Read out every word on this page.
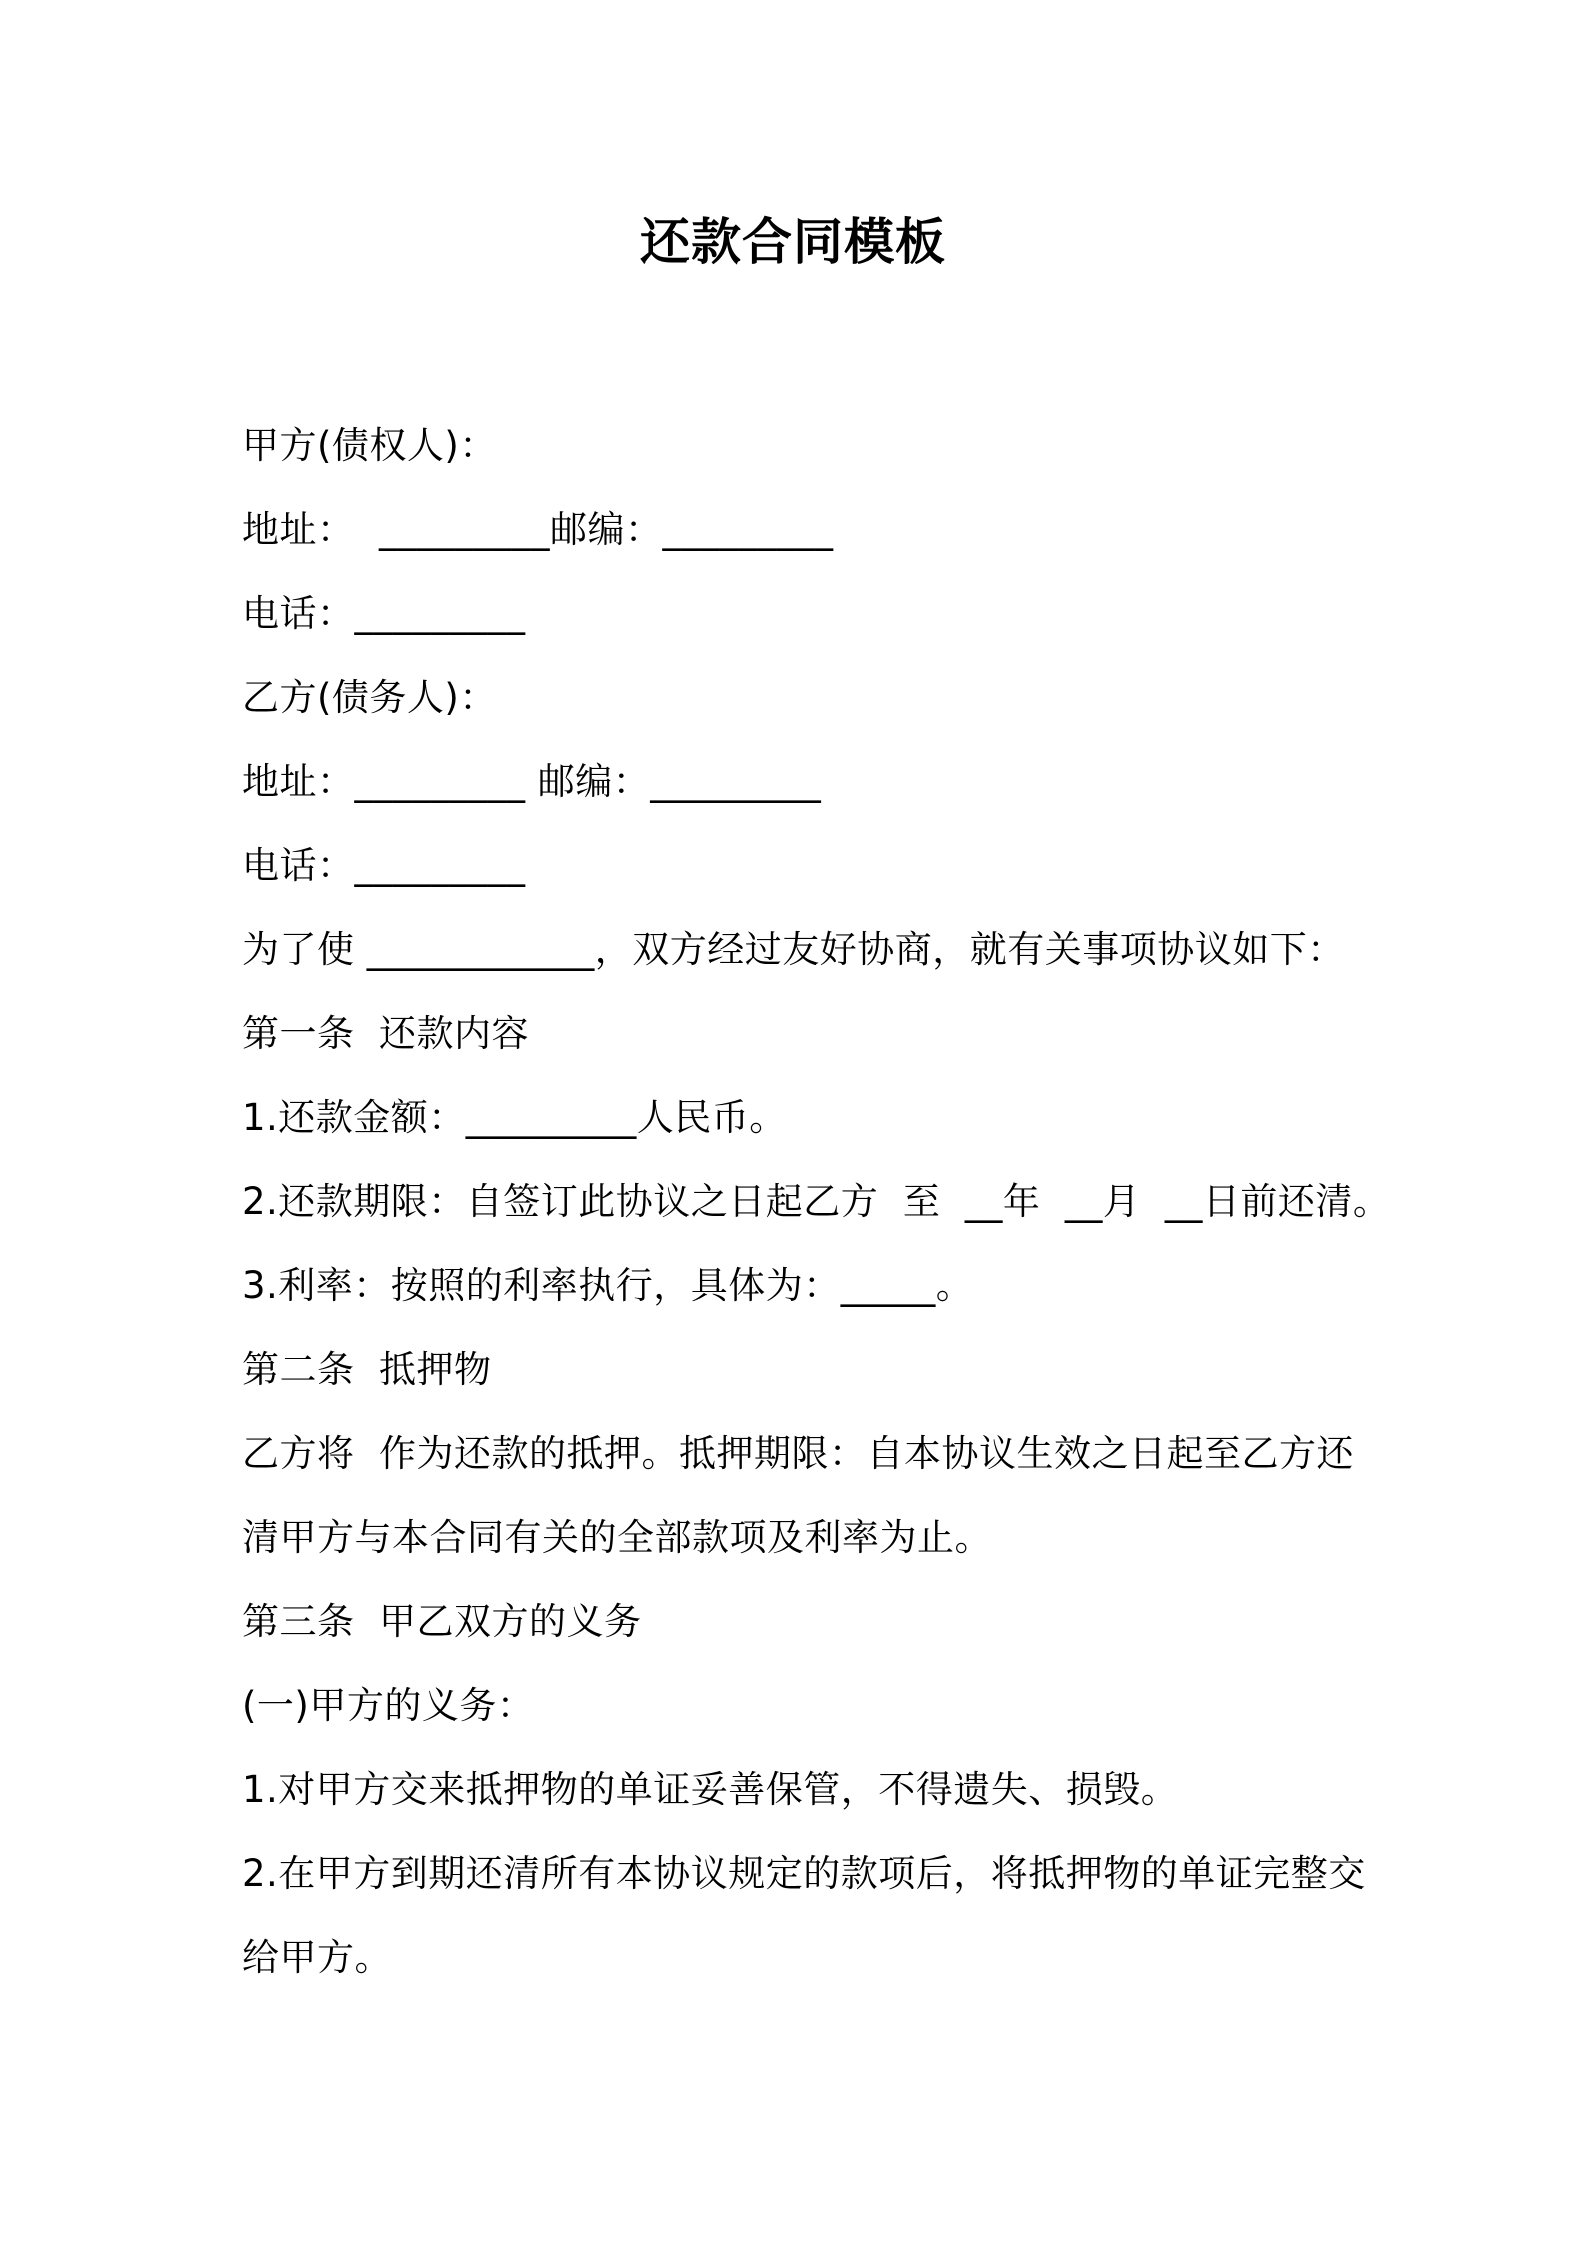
还款合同模板
甲方(债权人)：
地址：  _________邮编：_________
电话：_________
乙方(债务人)：
地址：_________ 邮编：_________
电话：_________
为了使 ____________，双方经过友好协商，就有关事项协议如下：
第一条  还款内容
1.还款金额：_________人民币。
2.还款期限：自签订此协议之日起乙方  至  __年  __月  __日前还清。
3.利率：按照的利率执行，具体为：_____。
第二条  抵押物
乙方将  作为还款的抵押。抵押期限：自本协议生效之日起至乙方还
清甲方与本合同有关的全部款项及利率为止。
第三条  甲乙双方的义务
(一)甲方的义务：
1.对甲方交来抵押物的单证妥善保管，不得遗失、损毁。
2.在甲方到期还清所有本协议规定的款项后，将抵押物的单证完整交
给甲方。
